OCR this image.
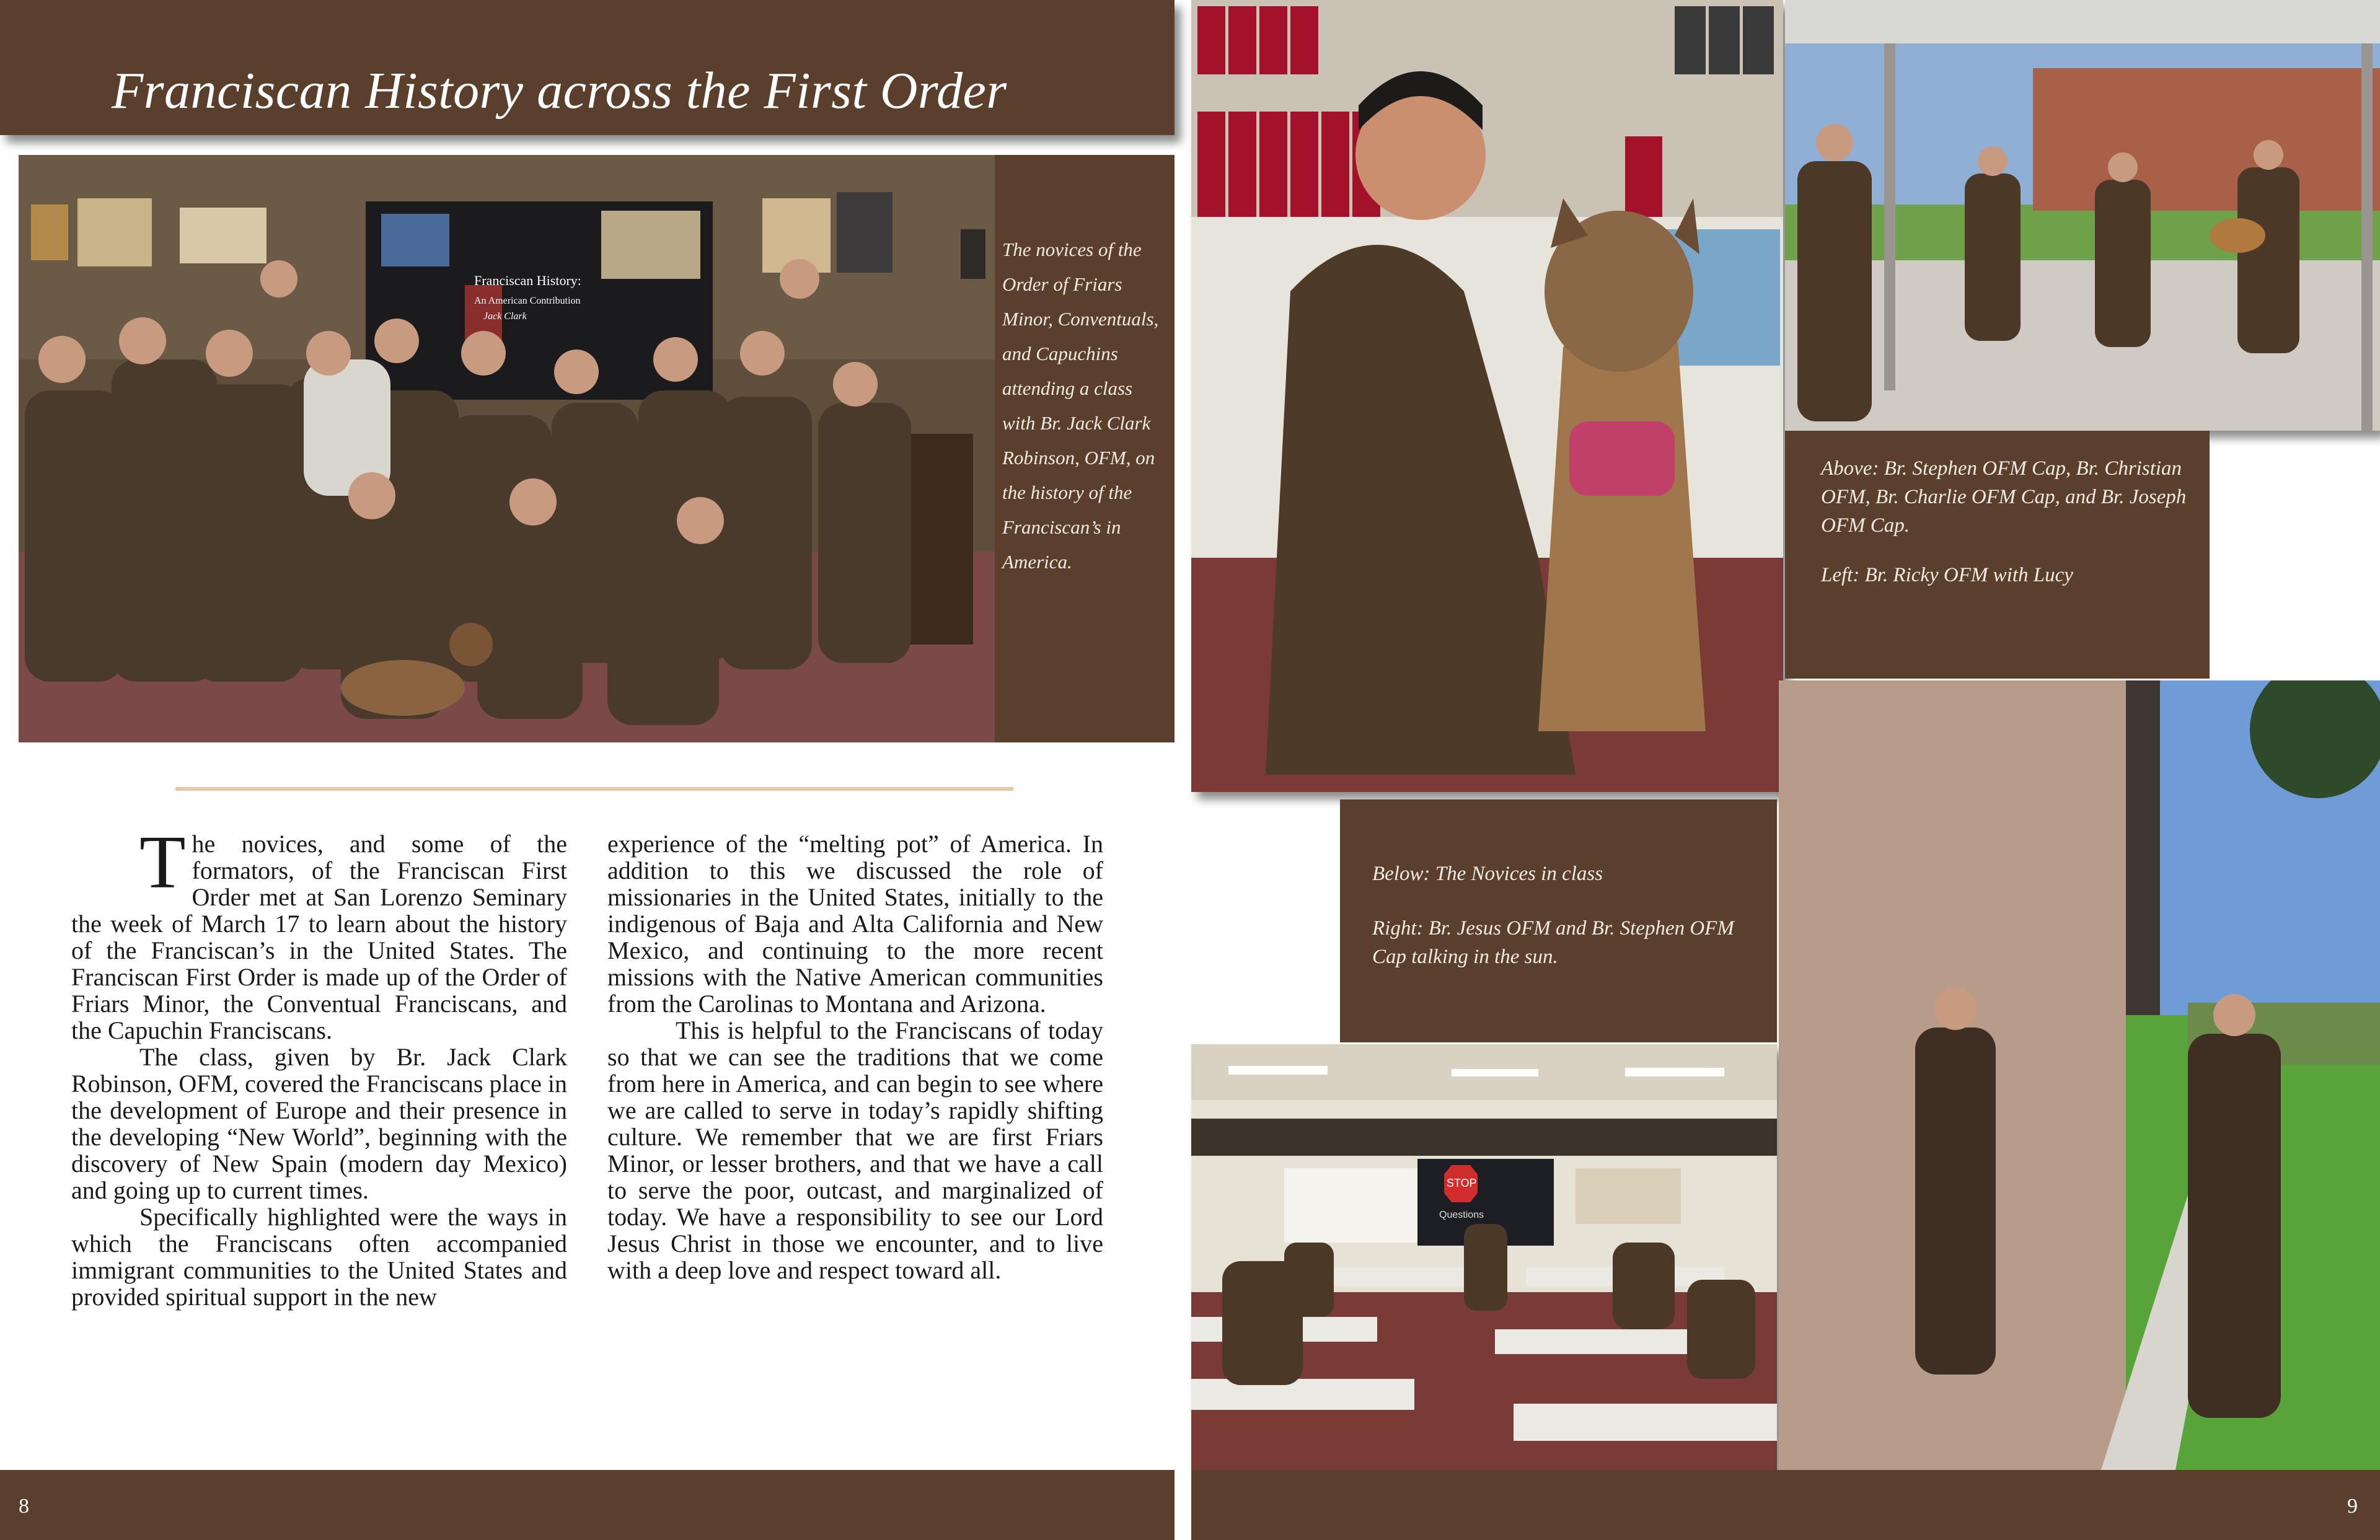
Franciscan History across the First Order
Franciscan History:
An American Contribution
Jack Clark
The novices of the Order of Friars Minor, Conventuals, and Capuchins attending a class with Br. Jack Clark Robinson, OFM, on the history of the Franciscan’s in America.

The novices, and some of the formators, of the Franciscan First Order met at San Lorenzo Seminary the week of March 17 to learn about the history of the Franciscan’s in the United States. The Franciscan First Order is made up of the Order of Friars Minor, the Conventual Franciscans, and the Capuchin Franciscans.

The class, given by Br. Jack Clark Robinson, OFM, covered the Franciscans place in the development of Europe and their presence in the developing “New World”, beginning with the discovery of New Spain (modern day Mexico) and going up to current times.

Specifically highlighted were the ways in which the Franciscans often accompanied immigrant communities to the United States and provided spiritual support in the new

experience of the “melting pot” of America. In addition to this we discussed the role of missionaries in the United States, initially to the indigenous of Baja and Alta California and New Mexico, and continuing to the more recent missions with the Native American communities from the Carolinas to Montana and Arizona.

This is helpful to the Franciscans of today so that we can see the traditions that we come from here in America, and can begin to see where we are called to serve in today’s rapidly shifting culture. We remember that we are first Friars Minor, or lesser brothers, and that we have a call to serve the poor, outcast, and marginalized of today. We have a responsibility to see our Lord Jesus Christ in those we encounter, and to live with a deep love and respect toward all.

8
Above: Br. Stephen OFM Cap, Br. Christian OFM, Br. Charlie OFM Cap, and Br. Joseph OFM Cap.
Left: Br. Ricky OFM with Lucy
Below: The Novices in class
Right: Br. Jesus OFM and Br. Stephen OFM Cap talking in the sun.
STOP
Questions
9
